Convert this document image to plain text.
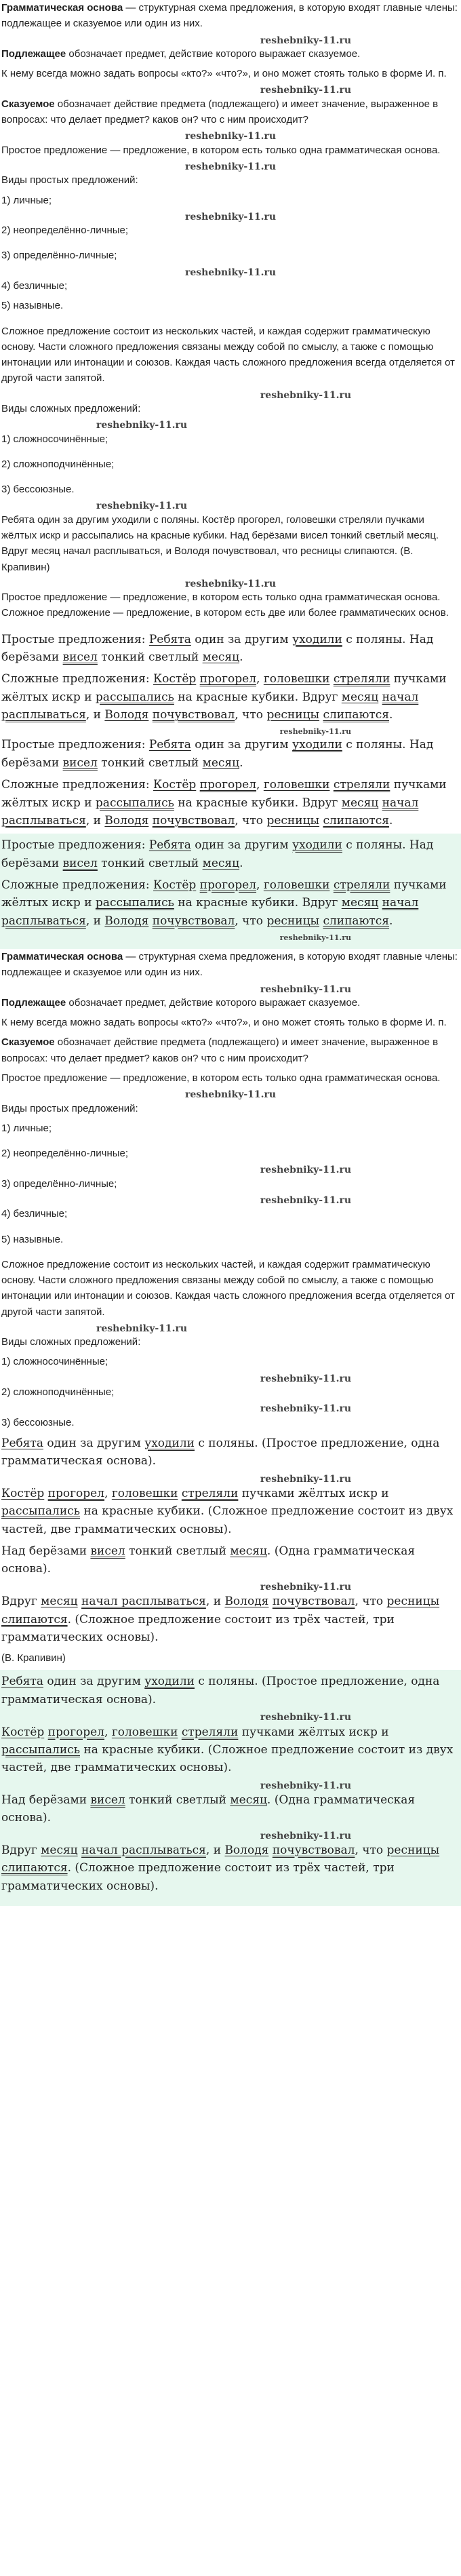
Грамматическая основа — структурная схема предложения, в которую входят главные члены: подлежащее и сказуемое или один из них.

reshebniky-11.ru

Подлежащее обозначает предмет, действие которого выражает сказуемое.

К нему всегда можно задать вопросы «кто?» «что?», и оно может стоять только в форме И. п.

reshebniky-11.ru

Сказуемое обозначает действие предмета (подлежащего) и имеет значение, выраженное в вопросах: что делает предмет? каков он? что с ним происходит?

reshebniky-11.ru

Простое предложение — предложение, в котором есть только одна грамматическая основа.

reshebniky-11.ru

Виды простых предложений:

1) личные;

reshebniky-11.ru

2) неопределённо-личные;

3) определённо-личные;

reshebniky-11.ru

4) безличные;

5) назывные.

Сложное предложение состоит из нескольких частей, и каждая содержит грамматическую основу. Части сложного предложения связаны между собой по смыслу, а также с помощью интонации или интонации и союзов. Каждая часть сложного предложения всегда отделяется от другой части запятой.

reshebniky-11.ru

Виды сложных предложений:

reshebniky-11.ru

1) сложносочинённые;

2) сложноподчинённые;

3) бессоюзные.

reshebniky-11.ru

Ребята один за другим уходили с поляны. Костёр прогорел, головешки стреляли пучками жёлтых искр и рассыпались на красные кубики. Над берёзами висел тонкий светлый месяц. Вдруг месяц начал расплываться, и Володя почувствовал, что ресницы слипаются. (В. Крапивин)

reshebniky-11.ru

Простое предложение — предложение, в котором есть только одна грамматическая основа. Сложное предложение — предложение, в котором есть две или более грамматических основ.

Простые предложения: Ребята один за другим уходили с поляны. Над берёзами висел тонкий светлый месяц.

Сложные предложения: Костёр прогорел, головешки стреляли пучками жёлтых искр и рассыпались на красные кубики. Вдруг месяц начал расплываться, и Володя почувствовал, что ресницы слипаются.

reshebniky-11.ru

Простые предложения: Ребята один за другим уходили с поляны. Над берёзами висел тонкий светлый месяц.

Сложные предложения: Костёр прогорел, головешки стреляли пучками жёлтых искр и рассыпались на красные кубики. Вдруг месяц начал расплываться, и Володя почувствовал, что ресницы слипаются.

Простые предложения: Ребята один за другим уходили с поляны. Над берёзами висел тонкий светлый месяц.

Сложные предложения: Костёр прогорел, головешки стреляли пучками жёлтых искр и рассыпались на красные кубики. Вдруг месяц начал расплываться, и Володя почувствовал, что ресницы слипаются.

reshebniky-11.ru

Грамматическая основа — структурная схема предложения, в которую входят главные члены: подлежащее и сказуемое или один из них.

reshebniky-11.ru

Подлежащее обозначает предмет, действие которого выражает сказуемое.

К нему всегда можно задать вопросы «кто?» «что?», и оно может стоять только в форме И. п.

Сказуемое обозначает действие предмета (подлежащего) и имеет значение, выраженное в вопросах: что делает предмет? каков он? что с ним происходит?

Простое предложение — предложение, в котором есть только одна грамматическая основа.

reshebniky-11.ru

Виды простых предложений:

1) личные;

2) неопределённо-личные;

reshebniky-11.ru

3) определённо-личные;

reshebniky-11.ru

4) безличные;

5) назывные.

Сложное предложение состоит из нескольких частей, и каждая содержит грамматическую основу. Части сложного предложения связаны между собой по смыслу, а также с помощью интонации или интонации и союзов. Каждая часть сложного предложения всегда отделяется от другой части запятой.

reshebniky-11.ru

Виды сложных предложений:

1) сложносочинённые;

reshebniky-11.ru

2) сложноподчинённые;

reshebniky-11.ru

3) бессоюзные.

Ребята один за другим уходили с поляны. (Простое предложение, одна грамматическая основа).

reshebniky-11.ru

Костёр прогорел, головешки стреляли пучками жёлтых искр и рассыпались на красные кубики. (Сложное предложение состоит из двух частей, две грамматических основы).

Над берёзами висел тонкий светлый месяц. (Одна грамматическая основа).

reshebniky-11.ru

Вдруг месяц начал расплываться, и Володя почувствовал, что ресницы слипаются. (Сложное предложение состоит из трёх частей, три грамматических основы).

(В. Крапивин)

Ребята один за другим уходили с поляны. (Простое предложение, одна грамматическая основа).

reshebniky-11.ru

Костёр прогорел, головешки стреляли пучками жёлтых искр и рассыпались на красные кубики. (Сложное предложение состоит из двух частей, две грамматических основы).

reshebniky-11.ru

Над берёзами висел тонкий светлый месяц. (Одна грамматическая основа).

reshebniky-11.ru

Вдруг месяц начал расплываться, и Володя почувствовал, что ресницы слипаются. (Сложное предложение состоит из трёх частей, три грамматических основы).
